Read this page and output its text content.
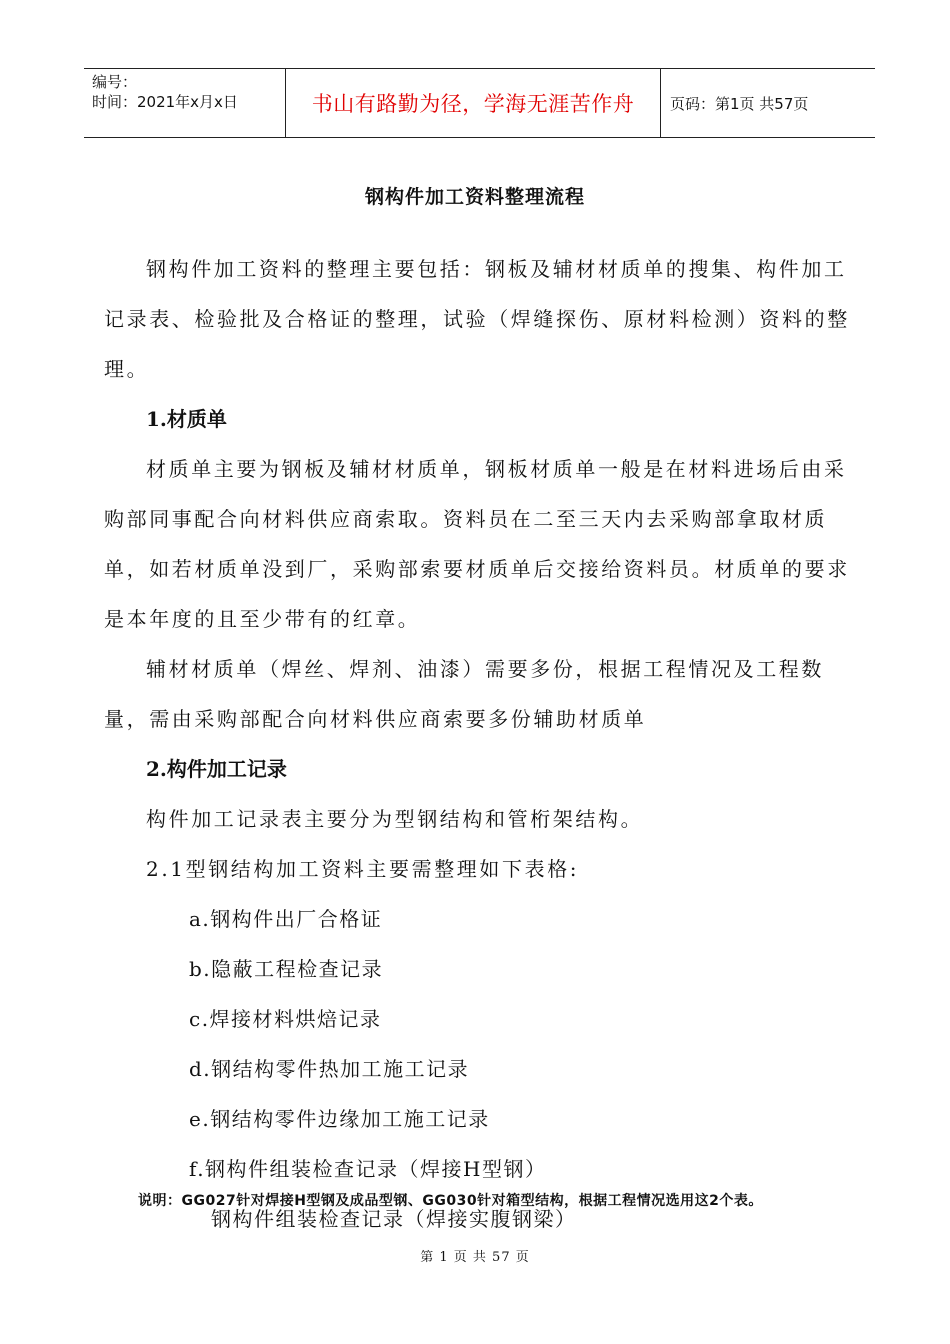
编号：
时间：2021年x月x日	书山有路勤为径，学海无涯苦作舟	页码：第1页 共57页
钢构件加工资料整理流程

钢构件加工资料的整理主要包括：钢板及辅材材质单的搜集、构件加工记录表、检验批及合格证的整理，试验（焊缝探伤、原材料检测）资料的整理。

1.材质单

材质单主要为钢板及辅材材质单，钢板材质单一般是在材料进场后由采购部同事配合向材料供应商索取。资料员在二至三天内去采购部拿取材质单，如若材质单没到厂，采购部索要材质单后交接给资料员。材质单的要求是本年度的且至少带有的红章。

辅材材质单（焊丝、焊剂、油漆）需要多份，根据工程情况及工程数量，需由采购部配合向材料供应商索要多份辅助材质单

2.构件加工记录

构件加工记录表主要分为型钢结构和管桁架结构。

2.1型钢结构加工资料主要需整理如下表格:

a.钢构件出厂合格证

b.隐蔽工程检查记录

c.焊接材料烘焙记录

d.钢结构零件热加工施工记录

e.钢结构零件边缘加工施工记录

f.钢构件组装检查记录（焊接H型钢）

钢构件组装检查记录（焊接实腹钢梁）

说明：GG027针对焊接H型钢及成品型钢、GG030针对箱型结构，根据工程情况选用这2个表。
第 1 页 共 57 页
